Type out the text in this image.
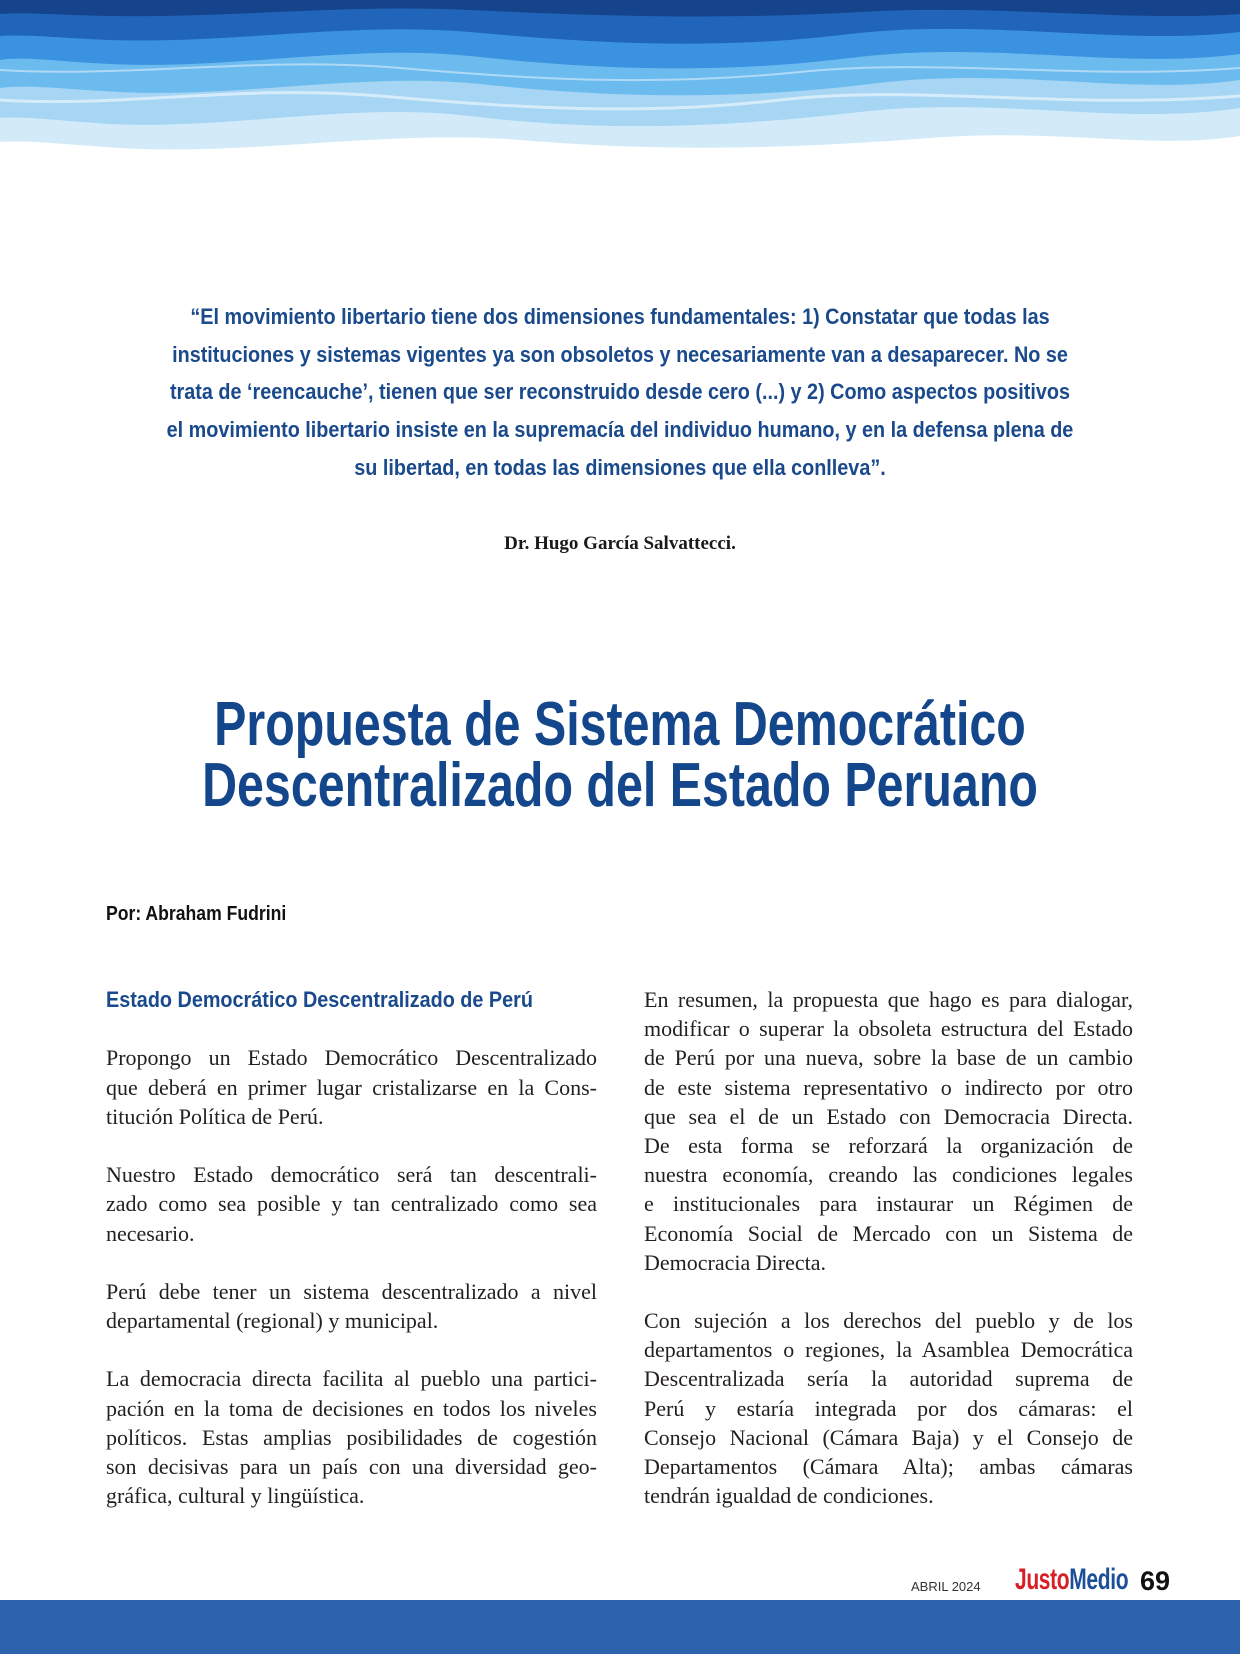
“El movimiento libertario tiene dos dimensiones fundamentales: 1) Constatar que todas las
instituciones y sistemas vigentes ya son obsoletos y necesariamente van a desaparecer. No se
trata de ‘reencauche’, tienen que ser reconstruido desde cero (...) y 2) Como aspectos positivos
el movimiento libertario insiste en la supremacía del individuo humano, y en la defensa plena de
su libertad, en todas las dimensiones que ella conlleva”.
Dr. Hugo García Salvattecci.
Propuesta de Sistema Democrático
Descentralizado del Estado Peruano
Por: Abraham Fudrini
Estado Democrático Descentralizado de Perú
Propongo un Estado Democrático Descentralizado
que deberá en primer lugar cristalizarse en la Cons-
titución Política de Perú.
Nuestro Estado democrático será tan descentrali-
zado como sea posible y tan centralizado como sea
necesario.
Perú debe tener un sistema descentralizado a nivel
departamental (regional) y municipal.
La democracia directa facilita al pueblo una partici-
pación en la toma de decisiones en todos los niveles
políticos. Estas amplias posibilidades de cogestión
son decisivas para un país con una diversidad geo-
gráfica, cultural y lingüística.
En resumen, la propuesta que hago es para dialogar,
modificar o superar la obsoleta estructura del Estado
de Perú por una nueva, sobre la base de un cambio
de este sistema representativo o indirecto por otro
que sea el de un Estado con Democracia Directa.
De esta forma se reforzará la organización de
nuestra economía, creando las condiciones legales
e institucionales para instaurar un Régimen de
Economía Social de Mercado con un Sistema de
Democracia Directa.
Con sujeción a los derechos del pueblo y de los
departamentos o regiones, la Asamblea Democrática
Descentralizada sería la autoridad suprema de
Perú y estaría integrada por dos cámaras: el
Consejo Nacional (Cámara Baja) y el Consejo de
Departamentos (Cámara Alta); ambas cámaras
tendrán igualdad de condiciones.
ABRIL 2024 JustoMedio 69
